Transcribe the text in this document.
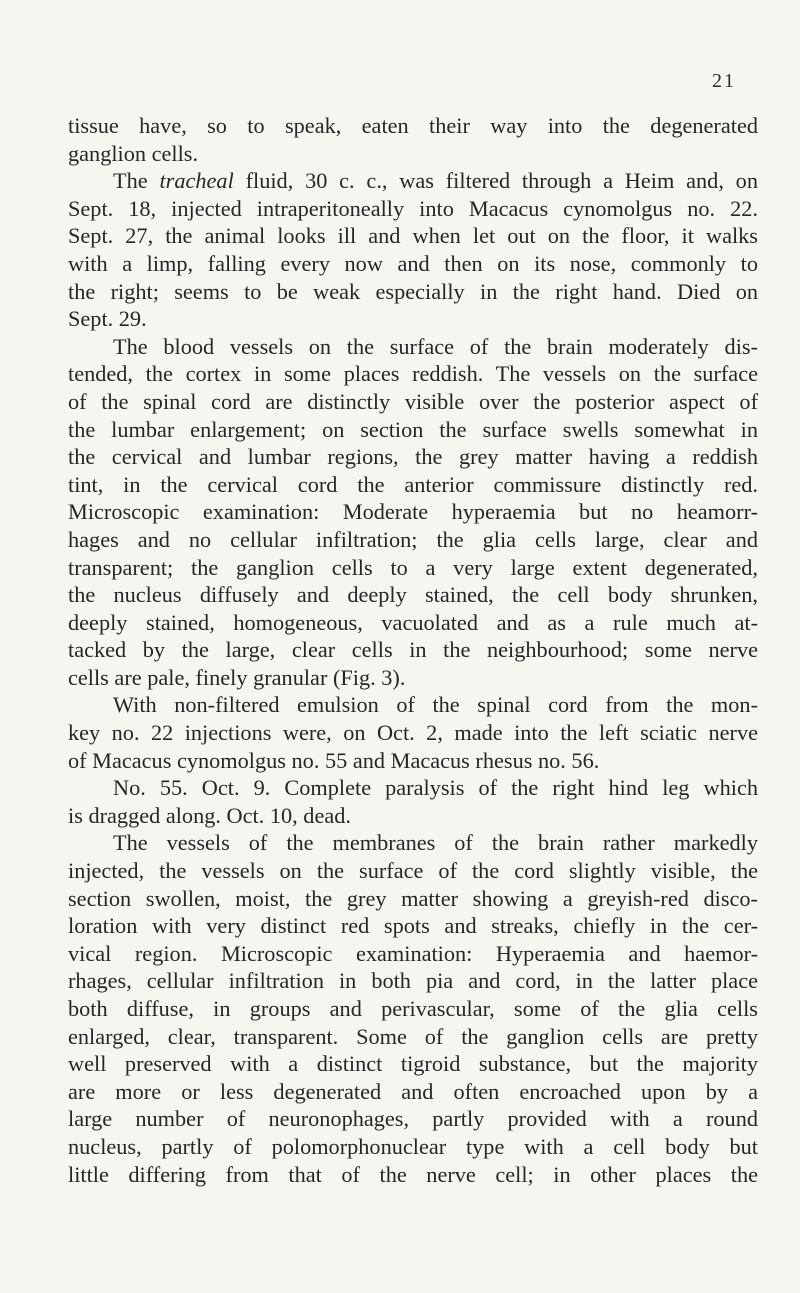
21
tissue have, so to speak, eaten their way into the degenerated
ganglion cells.
The tracheal fluid, 30 c. c., was filtered through a Heim and, on
Sept. 18, injected intraperitoneally into Macacus cynomolgus no. 22.
Sept. 27, the animal looks ill and when let out on the floor, it walks
with a limp, falling every now and then on its nose, commonly to
the right; seems to be weak especially in the right hand. Died on
Sept. 29.
The blood vessels on the surface of the brain moderately dis-
tended, the cortex in some places reddish. The vessels on the surface
of the spinal cord are distinctly visible over the posterior aspect of
the lumbar enlargement; on section the surface swells somewhat in
the cervical and lumbar regions, the grey matter having a reddish
tint, in the cervical cord the anterior commissure distinctly red.
Microscopic examination: Moderate hyperaemia but no heamorr-
hages and no cellular infiltration; the glia cells large, clear and
transparent; the ganglion cells to a very large extent degenerated,
the nucleus diffusely and deeply stained, the cell body shrunken,
deeply stained, homogeneous, vacuolated and as a rule much at-
tacked by the large, clear cells in the neighbourhood; some nerve
cells are pale, finely granular (Fig. 3).
With non-filtered emulsion of the spinal cord from the mon-
key no. 22 injections were, on Oct. 2, made into the left sciatic nerve
of Macacus cynomolgus no. 55 and Macacus rhesus no. 56.
No. 55. Oct. 9. Complete paralysis of the right hind leg which
is dragged along. Oct. 10, dead.
The vessels of the membranes of the brain rather markedly
injected, the vessels on the surface of the cord slightly visible, the
section swollen, moist, the grey matter showing a greyish-red disco-
loration with very distinct red spots and streaks, chiefly in the cer-
vical region. Microscopic examination: Hyperaemia and haemor-
rhages, cellular infiltration in both pia and cord, in the latter place
both diffuse, in groups and perivascular, some of the glia cells
enlarged, clear, transparent. Some of the ganglion cells are pretty
well preserved with a distinct tigroid substance, but the majority
are more or less degenerated and often encroached upon by a
large number of neuronophages, partly provided with a round
nucleus, partly of polomorphonuclear type with a cell body but
little differing from that of the nerve cell; in other places the
